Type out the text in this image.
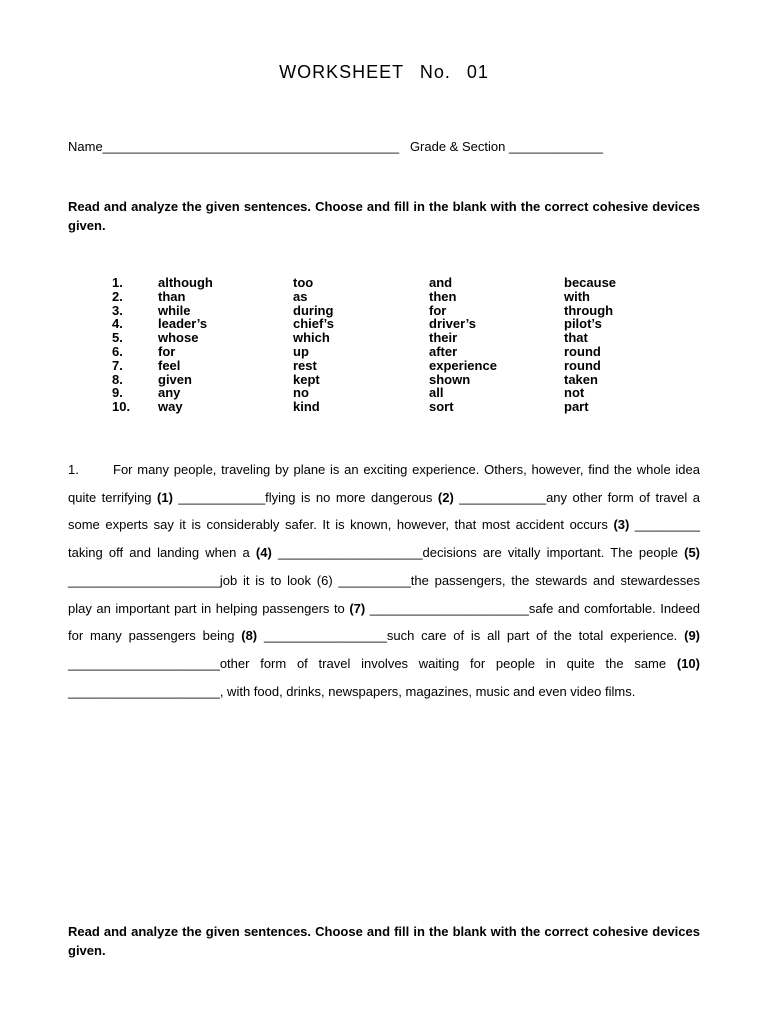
WORKSHEET No. 01
Name_________________________________________   Grade & Section _____________
Read and analyze the given sentences. Choose and fill in the blank with the correct cohesive devices given.
1.	although	too	and	because
2.	than	as	then	with
3.	while	during	for	through
4.	leader’s	chief’s	driver’s	pilot’s
5.	whose	which	their	that
6.	for	up	after	round
7.	feel	rest	experience	round
8.	given	kept	shown	taken
9.	any	no	all	not
10.	way	kind	sort	part
1.	For many people, traveling by plane is an exciting experience. Others, however, find the whole idea quite terrifying (1) ____________flying is no more dangerous (2) ____________any other form of travel a some experts say it is considerably safer. It is known, however, that most accident occurs (3) _________ taking off and landing when a (4) ____________________decisions are vitally important. The people (5) _____________________job it is to look (6) __________the passengers, the stewards and stewardesses play an important part in helping passengers to (7) ______________________safe and comfortable. Indeed for many passengers being (8) _________________such care of is all part of the total experience. (9) _____________________other form of travel involves waiting for people in quite the same (10) _____________________, with food, drinks, newspapers, magazines, music and even video films.
Read and analyze the given sentences. Choose and fill in the blank with the correct cohesive devices given.
